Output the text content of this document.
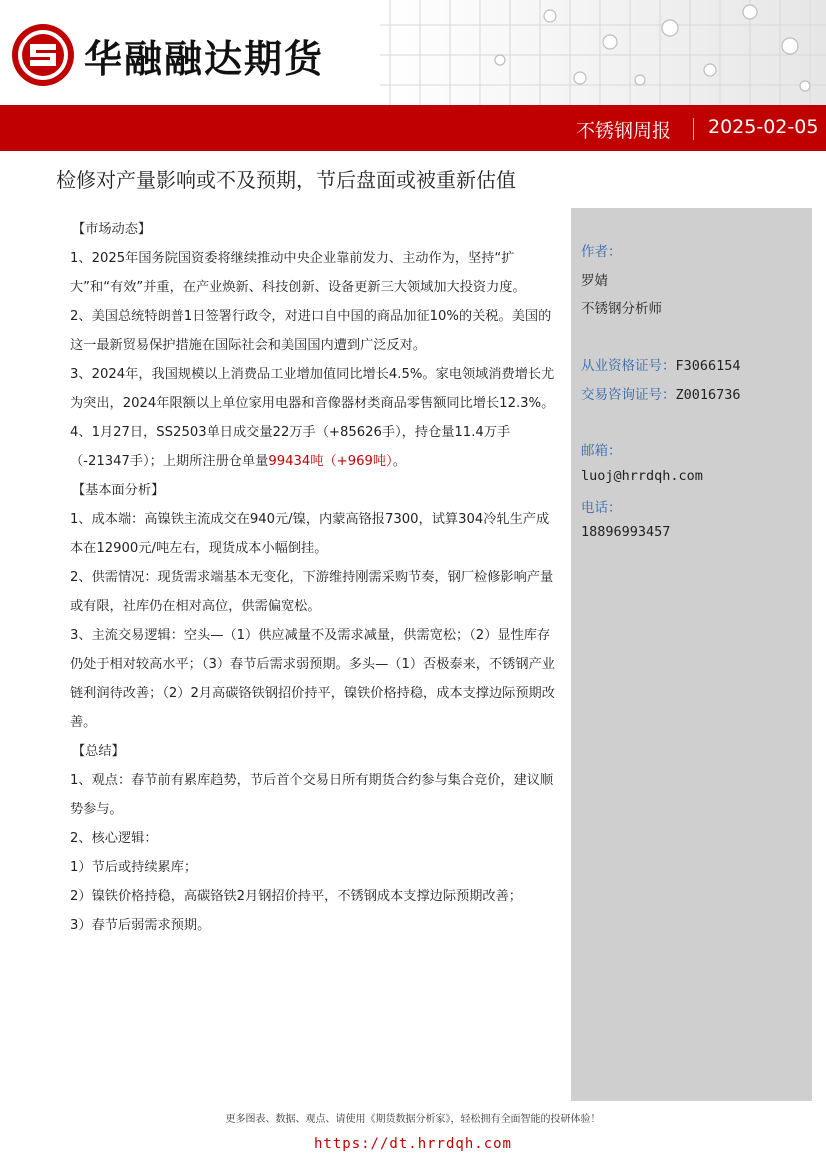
华融融达期货
不锈钢周报 2025-02-05
检修对产量影响或不及预期，节后盘面或被重新估值
【市场动态】

1、2025年国务院国资委将继续推动中央企业靠前发力、主动作为，坚持“扩大”和“有效”并重，在产业焕新、科技创新、设备更新三大领域加大投资力度。

2、美国总统特朗普1日签署行政令，对进口自中国的商品加征10%的关税。美国的这一最新贸易保护措施在国际社会和美国国内遭到广泛反对。

3、2024年，我国规模以上消费品工业增加值同比增长4.5%。家电领域消费增长尤为突出，2024年限额以上单位家用电器和音像器材类商品零售额同比增长12.3%。

4、1月27日，SS2503单日成交量22万手（+85626手），持仓量11.4万手（-21347手）；上期所注册仓单量99434吨（+969吨）。

【基本面分析】

1、成本端：高镍铁主流成交在940元/镍，内蒙高铬报7300，试算304冷轧生产成本在12900元/吨左右，现货成本小幅倒挂。

2、供需情况：现货需求端基本无变化，下游维持刚需采购节奏，钢厂检修影响产量或有限，社库仍在相对高位，供需偏宽松。

3、主流交易逻辑：空头—（1）供应减量不及需求减量，供需宽松；（2）显性库存仍处于相对较高水平；（3）春节后需求弱预期。多头—（1）否极泰来，不锈钢产业链利润待改善；（2）2月高碳铬铁钢招价持平，镍铁价格持稳，成本支撑边际预期改善。

【总结】

1、观点：春节前有累库趋势，节后首个交易日所有期货合约参与集合竞价，建议顺势参与。

2、核心逻辑：

1）节后或持续累库；

2）镍铁价格持稳，高碳铬铁2月钢招价持平，不锈钢成本支撑边际预期改善；

3）春节后弱需求预期。

作者：
罗婧
不锈钢分析师
从业资格证号：F3066154
交易咨询证号：Z0016736
邮箱：
luoj@hrrdqh.com
电话：
18896993457
更多图表、数据、观点、请使用《期货数据分析家》，轻松拥有全面智能的投研体验！
https://dt.hrrdqh.com
